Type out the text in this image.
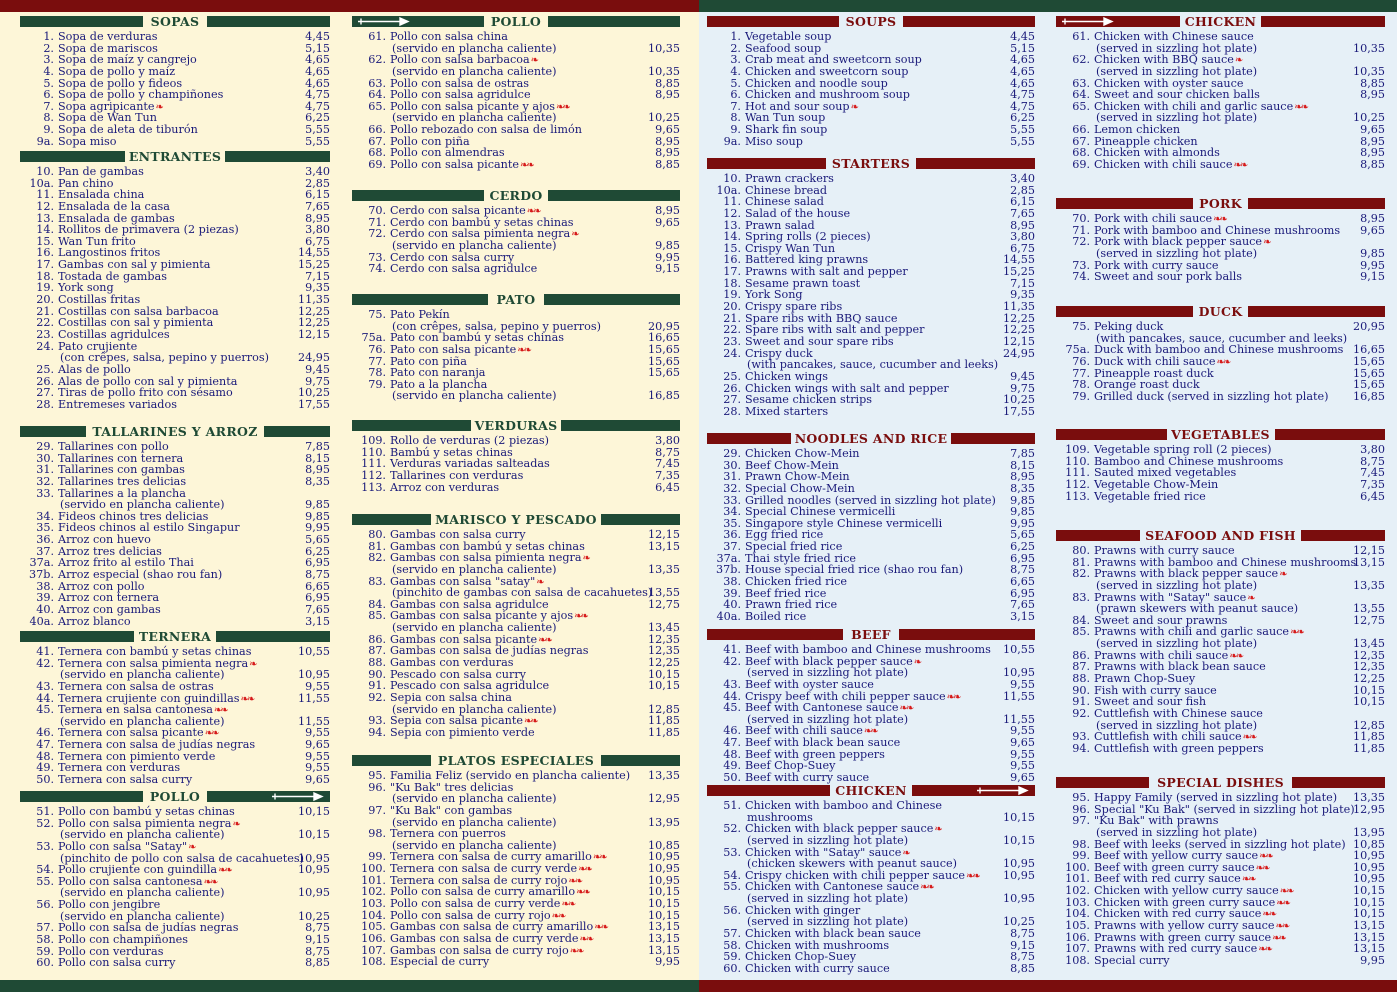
SOPAS
1. Sopa de verduras	4,45
2. Sopa de mariscos	5,15
3. Sopa de maíz y cangrejo	4,65
4. Sopa de pollo y maíz	4,65
5. Sopa de pollo y fideos	4,65
6. Sopa de pollo y champiñones	4,75
7. Sopa agripicante❧	4,75
8. Sopa de Wan Tun	6,25
9. Sopa de aleta de tiburón	5,55
9a. Sopa miso	5,55
ENTRANTES
10. Pan de gambas	3,40
10a. Pan chino	2,85
11. Ensalada china	6,15
12. Ensalada de la casa	7,65
13. Ensalada de gambas	8,95
14. Rollitos de primavera (2 piezas)	3,80
15. Wan Tun frito	6,75
16. Langostinos fritos	14,55
17. Gambas con sal y pimienta	15,25
18. Tostada de gambas	7,15
19. York song	9,35
20. Costillas fritas	11,35
21. Costillas con salsa barbacoa	12,25
22. Costillas con sal y pimienta	12,25
23. Costillas agridulces	12,15
24. Pato crujiente
(con crêpes, salsa, pepino y puerros)	24,95
25. Alas de pollo	9,45
26. Alas de pollo con sal y pimienta	9,75
27. Tiras de pollo frito con sésamo	10,25
28. Entremeses variados	17,55
TALLARINES Y ARROZ
29. Tallarines con pollo	7,85
30. Tallarines con ternera	8,15
31. Tallarines con gambas	8,95
32. Tallarines tres delicias	8,35
33. Tallarines a la plancha
(servido en plancha caliente)	9,85
34. Fideos chinos tres delicias	9,85
35. Fideos chinos al estilo Singapur	9,95
36. Arroz con huevo	5,65
37. Arroz tres delicias	6,25
37a. Arroz frito al estilo Thai	6,95
37b. Arroz especial (shao rou fan)	8,75
38. Arroz con pollo	6,65
39. Arroz con ternera	6,95
40. Arroz con gambas	7,65
40a. Arroz blanco	3,15
TERNERA
41. Ternera con bambú y setas chinas	10,55
42. Ternera con salsa pimienta negra❧
(servido en plancha caliente)	10,95
43. Ternera con salsa de ostras	9,55
44. Ternera crujiente con guindillas❧❧	11,55
45. Ternera en salsa cantonesa❧❧
(servido en plancha caliente)	11,55
46. Ternera con salsa picante❧❧	9,55
47. Ternera con salsa de judías negras	9,65
48. Ternera con pimiento verde	9,55
49. Ternera con verduras	9,55
50. Ternera con salsa curry	9,65
POLLO
51. Pollo con bambú y setas chinas	10,15
52. Pollo con salsa pimienta negra❧
(servido en plancha caliente)	10,15
53. Pollo con salsa "Satay"❧
(pinchito de pollo con salsa de cacahuetes)
10,95
54. Pollo crujiente con guindilla❧❧	10,95
55. Pollo con salsa cantonesa❧❧
(servido en plancha caliente)	10,95
56. Pollo con jengibre
(servido en plancha caliente)	10,25
57. Pollo con salsa de judías negras	8,75
58. Pollo con champiñones	9,15
59. Pollo con verduras	8,75
60. Pollo con salsa curry	8,85
POLLO
61. Pollo con salsa china
(servido en plancha caliente)	10,35
62. Pollo con salsa barbacoa❧
(servido en plancha caliente)	10,35
63. Pollo con salsa de ostras	8,85
64. Pollo con salsa agridulce	8,95
65. Pollo con salsa picante y ajos❧❧
(servido en plancha caliente)	10,25
66. Pollo rebozado con salsa de limón	9,65
67. Pollo con piña	8,95
68. Pollo con almendras	8,95
69. Pollo con salsa picante❧❧	8,85
CERDO
70. Cerdo con salsa picante❧❧	8,95
71. Cerdo con bambú y setas chinas	9,65
72. Cerdo con salsa pimienta negra❧
(servido en plancha caliente)	9,85
73. Cerdo con salsa curry	9,95
74. Cerdo con salsa agridulce	9,15
PATO
75. Pato Pekín
(con crêpes, salsa, pepino y puerros)	20,95
75a. Pato con bambú y setas chinas	16,65
76. Pato con salsa picante❧❧	15,65
77. Pato con piña	15,65
78. Pato con naranja	15,65
79. Pato a la plancha
(servido en plancha caliente)	16,85
VERDURAS
109. Rollo de verduras (2 piezas)	3,80
110. Bambú y setas chinas	8,75
111. Verduras variadas salteadas	7,45
112. Tallarines con verduras	7,35
113. Arroz con verduras	6,45
MARISCO Y PESCADO
80. Gambas con salsa curry	12,15
81. Gambas con bambú y setas chinas	13,15
82. Gambas con salsa pimienta negra❧
(servido en plancha caliente)	13,35
83. Gambas con salsa "satay"❧
(pinchito de gambas con salsa de cacahuetes)
13,55
84. Gambas con salsa agridulce	12,75
85. Gambas con salsa picante y ajos❧❧
(servido en plancha caliente)	13,45
86. Gambas con salsa picante❧❧	12,35
87. Gambas con salsa de judías negras	12,35
88. Gambas con verduras	12,25
90. Pescado con salsa curry	10,15
91. Pescado con salsa agridulce	10,15
92. Sepia con salsa china
(servido en plancha caliente)	12,85
93. Sepia con salsa picante❧❧	11,85
94. Sepia con pimiento verde	11,85
PLATOS ESPECIALES
95. Familia Feliz (servido en plancha caliente) 13,35
96. "Ku Bak" tres delicias
(servido en plancha caliente)	12,95
97. "Ku Bak" con gambas
(servido en plancha caliente)	13,95
98. Ternera con puerros
(servido en plancha caliente)	10,85
99. Ternera con salsa de curry amarillo❧❧	10,95
100. Ternera con salsa de curry verde❧❧	10,95
101. Ternera con salsa de curry rojo❧❧	10,95
102. Pollo con salsa de curry amarillo❧❧	10,15
103. Pollo con salsa de curry verde❧❧	10,15
104. Pollo con salsa de curry rojo❧❧	10,15
105. Gambas con salsa de curry amarillo❧❧	13,15
106. Gambas con salsa de curry verde❧❧	13,15
107. Gambas con salsa de curry rojo❧❧	13,15
108. Especial de curry	9,95
SOUPS
1. Vegetable soup	4,45
2. Seafood soup	5,15
3. Crab meat and sweetcorn soup	4,65
4. Chicken and sweetcorn soup	4,65
5. Chicken and noodle soup	4,65
6. Chicken and mushroom soup	4,75
7. Hot and sour soup❧	4,75
8. Wan Tun soup	6,25
9. Shark fin soup	5,55
9a. Miso soup	5,55
STARTERS
10. Prawn crackers	3,40
10a. Chinese bread	2,85
11. Chinese salad	6,15
12. Salad of the house	7,65
13. Prawn salad	8,95
14. Spring rolls (2 pieces)	3,80
15. Crispy Wan Tun	6,75
16. Battered king prawns	14,55
17. Prawns with salt and pepper	15,25
18. Sesame prawn toast	7,15
19. York Song	9,35
20. Crispy spare ribs	11,35
21. Spare ribs with BBQ sauce	12,25
22. Spare ribs with salt and pepper	12,25
23. Sweet and sour spare ribs	12,15
24. Crispy duck	24,95
(with pancakes, sauce, cucumber and leeks)
25. Chicken wings	9,45
26. Chicken wings with salt and pepper	9,75
27. Sesame chicken strips	10,25
28. Mixed starters	17,55
NOODLES AND RICE
29. Chicken Chow-Mein	7,85
30. Beef Chow-Mein	8,15
31. Prawn Chow-Mein	8,95
32. Special Chow-Mein	8,35
33. Grilled noodles (served in sizzling hot plate) 9,85
34. Special Chinese vermicelli	9,85
35. Singapore style Chinese vermicelli	9,95
36. Egg fried rice	5,65
37. Special fried rice	6,25
37a. Thai style fried rice	6,95
37b. House special fried rice (shao rou fan)	8,75
38. Chicken fried rice	6,65
39. Beef fried rice	6,95
40. Prawn fried rice	7,65
40a. Boiled rice	3,15
BEEF
41. Beef with bamboo and Chinese mushrooms 10,55
42. Beef with black pepper sauce❧
(served in sizzling hot plate)	10,95
43. Beef with oyster sauce	9,55
44. Crispy beef with chili pepper sauce❧❧	11,55
45. Beef with Cantonese sauce❧❧
(served in sizzling hot plate)	11,55
46. Beef with chili sauce❧❧	9,55
47. Beef with black bean sauce	9,65
48. Beef with green peppers	9,55
49. Beef Chop-Suey	9,55
50. Beef with curry sauce	9,65
CHICKEN
51. Chicken with bamboo and Chinese
mushrooms	10,15
52. Chicken with black pepper sauce❧
(served in sizzling hot plate)	10,15
53. Chicken with "Satay" sauce❧
(chicken skewers with peanut sauce)	10,95
54. Crispy chicken with chili pepper sauce❧❧ 10,95
55. Chicken with Cantonese sauce❧❧
(served in sizzling hot plate)	10,95
56. Chicken with ginger
(served in sizzling hot plate)	10,25
57. Chicken with black bean sauce	8,75
58. Chicken with mushrooms	9,15
59. Chicken Chop-Suey	8,75
60. Chicken with curry sauce	8,85
CHICKEN
61. Chicken with Chinese sauce
(served in sizzling hot plate)	10,35
62. Chicken with BBQ sauce❧
(served in sizzling hot plate)	10,35
63. Chicken with oyster sauce	8,85
64. Sweet and sour chicken balls	8,95
65. Chicken with chili and garlic sauce❧❧
(served in sizzling hot plate)	10,25
66. Lemon chicken	9,65
67. Pineapple chicken	8,95
68. Chicken with almonds	8,95
69. Chicken with chili sauce❧❧	8,85
PORK
70. Pork with chili sauce❧❧	8,95
71. Pork with bamboo and Chinese mushrooms 9,65
72. Pork with black pepper sauce❧
(served in sizzling hot plate)	9,85
73. Pork with curry sauce	9,95
74. Sweet and sour pork balls	9,15
DUCK
75. Peking duck	20,95
(with pancakes, sauce, cucumber and leeks)
75a. Duck with bamboo and Chinese mushrooms 16,65
76. Duck with chili sauce❧❧	15,65
77. Pineapple roast duck	15,65
78. Orange roast duck	15,65
79. Grilled duck (served in sizzling hot plate) 16,85
VEGETABLES
109. Vegetable spring roll (2 pieces)	3,80
110. Bamboo and Chinese mushrooms	8,75
111. Sauted mixed vegetables	7,45
112. Vegetable Chow-Mein	7,35
113. Vegetable fried rice	6,45
SEAFOOD AND FISH
80. Prawns with curry sauce	12,15
81. Prawns with bamboo and Chinese mushrooms
13,15
82. Prawns with black pepper sauce❧
(served in sizzling hot plate)	13,35
83. Prawns with "Satay" sauce❧
(prawn skewers with peanut sauce)	13,55
84. Sweet and sour prawns	12,75
85. Prawns with chili and garlic sauce❧❧
(served in sizzling hot plate)	13,45
86. Prawns with chili sauce❧❧	12,35
87. Prawns with black bean sauce	12,35
88. Prawn Chop-Suey	12,25
90. Fish with curry sauce	10,15
91. Sweet and sour fish	10,15
92. Cuttlefish with Chinese sauce
(served in sizzling hot plate)	12,85
93. Cuttlefish with chili sauce❧❧	11,85
94. Cuttlefish with green peppers	11,85
SPECIAL DISHES
95. Happy Family (served in sizzling hot plate) 13,35
96. Special "Ku Bak" (served in sizzling hot plate)
12,95
97. "Ku Bak" with prawns
(served in sizzling hot plate)	13,95
98. Beef with leeks (served in sizzling hot plate) 10,85
99. Beef with yellow curry sauce❧❧	10,95
100. Beef with green curry sauce❧❧	10,95
101. Beef with red curry sauce❧❧	10,95
102. Chicken with yellow curry sauce❧❧	10,15
103. Chicken with green curry sauce❧❧	10,15
104. Chicken with red curry sauce❧❧	10,15
105. Prawns with yellow curry sauce❧❧	13,15
106. Prawns with green curry sauce❧❧	13,15
107. Prawns with red curry sauce❧❧	13,15
108. Special curry	9,95
